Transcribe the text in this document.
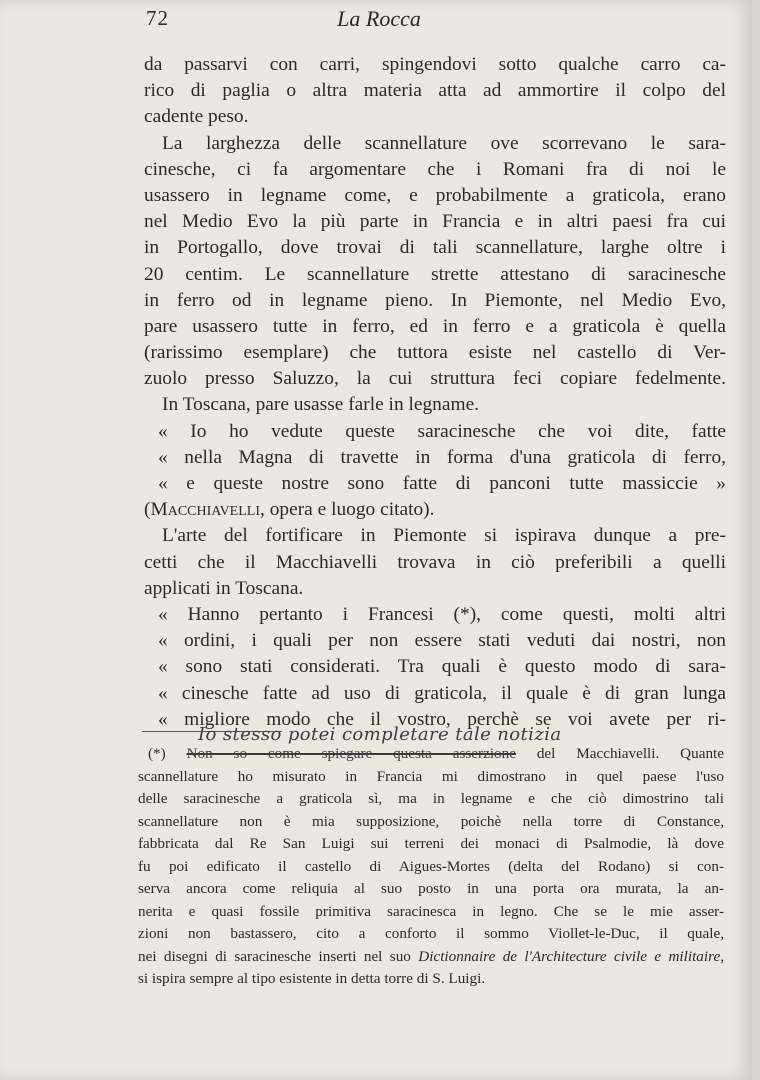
72	La Rocca
da passarvi con carri, spingendovi sotto qualche carro ca-
rico di paglia o altra materia atta ad ammortire il colpo del
cadente peso.
La larghezza delle scannellature ove scorrevano le sara-
cinesche, ci fa argomentare che i Romani fra di noi le
usassero in legname come, e probabilmente a graticola, erano
nel Medio Evo la più parte in Francia e in altri paesi fra cui
in Portogallo, dove trovai di tali scannellature, larghe oltre i
20 centim. Le scannellature strette attestano di saracinesche
in ferro od in legname pieno. In Piemonte, nel Medio Evo,
pare usassero tutte in ferro, ed in ferro e a graticola è quella
(rarissimo esemplare) che tuttora esiste nel castello di Ver-
zuolo presso Saluzzo, la cui struttura feci copiare fedelmente.
In Toscana, pare usasse farle in legname.
« Io ho vedute queste saracinesche che voi dite, fatte
« nella Magna di travette in forma d'una graticola di ferro,
« e queste nostre sono fatte di panconi tutte massiccie »
(Macchiavelli, opera e luogo citato).
L'arte del fortificare in Piemonte si ispirava dunque a pre-
cetti che il Macchiavelli trovava in ciò preferibili a quelli
applicati in Toscana.
« Hanno pertanto i Francesi (*), come questi, molti altri
« ordini, i quali per non essere stati veduti dai nostri, non
« sono stati considerati. Tra quali è questo modo di sara-
« cinesche fatte ad uso di graticola, il quale è di gran lunga
« migliore modo che il vostro, perchè se voi avete per ri-
Io stesso potei completare tale notizia
(*) Non so come spiegare questa asserzione del Macchiavelli. Quante
scannellature ho misurato in Francia mi dimostrano in quel paese l'uso
delle saracinesche a graticola sì, ma in legname e che ciò dimostrino tali
scannellature non è mia supposizione, poichè nella torre di Constance,
fabbricata dal Re San Luigi sui terreni dei monaci di Psalmodie, là dove
fu poi edificato il castello di Aigues-Mortes (delta del Rodano) si con-
serva ancora come reliquia al suo posto in una porta ora murata, la an-
nerita e quasi fossile primitiva saracinesca in legno. Che se le mie asser-
zioni non bastassero, cito a conforto il sommo Viollet-le-Duc, il quale,
nei disegni di saracinesche inserti nel suo Dictionnaire de l'Architecture civile e militaire,
si ispira sempre al tipo esistente in detta torre di S. Luigi.
